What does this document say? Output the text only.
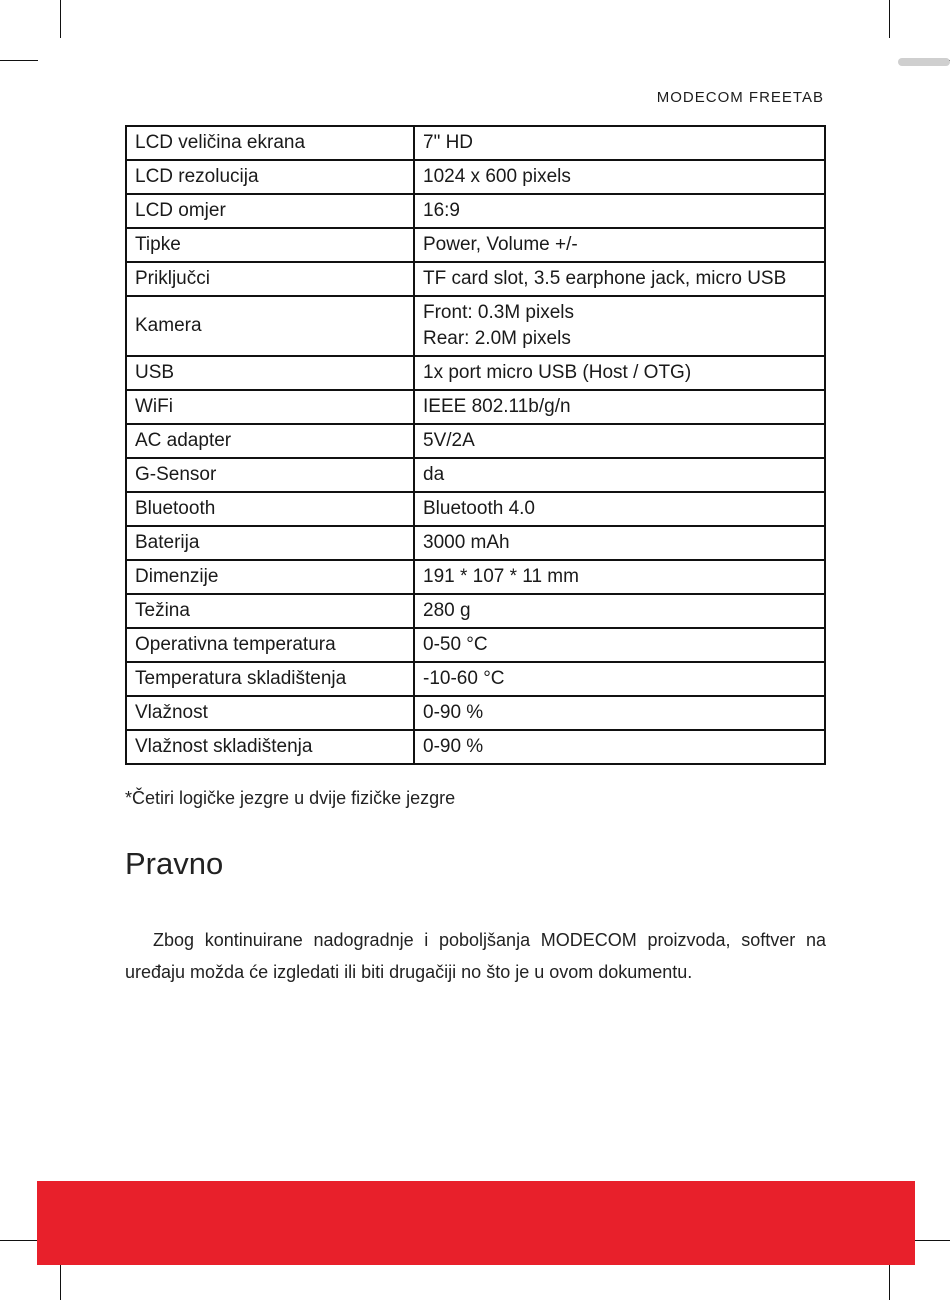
MODECOM FREETAB
LCD veličina ekrana	7" HD
LCD rezolucija	1024 x 600 pixels
LCD omjer	16:9
Tipke	Power, Volume +/-
Priključci	TF card slot, 3.5 earphone jack, micro USB
Kamera	Front: 0.3M pixels
Rear: 2.0M pixels
USB	1x port micro USB (Host / OTG)
WiFi	IEEE 802.11b/g/n
AC adapter	5V/2A
G-Sensor	da
Bluetooth	Bluetooth 4.0
Baterija	3000 mAh
Dimenzije	191 * 107 * 11 mm
Težina	280 g
Operativna temperatura	0-50 °C
Temperatura skladištenja	-10-60 °C
Vlažnost	0-90 %
Vlažnost skladištenja	0-90 %
*Četiri logičke jezgre u dvije fizičke jezgre
Pravno
Zbog kontinuirane nadogradnje i poboljšanja MODECOM proizvoda, softver na uređaju možda će izgledati ili biti drugačiji no što je u ovom dokumentu.
